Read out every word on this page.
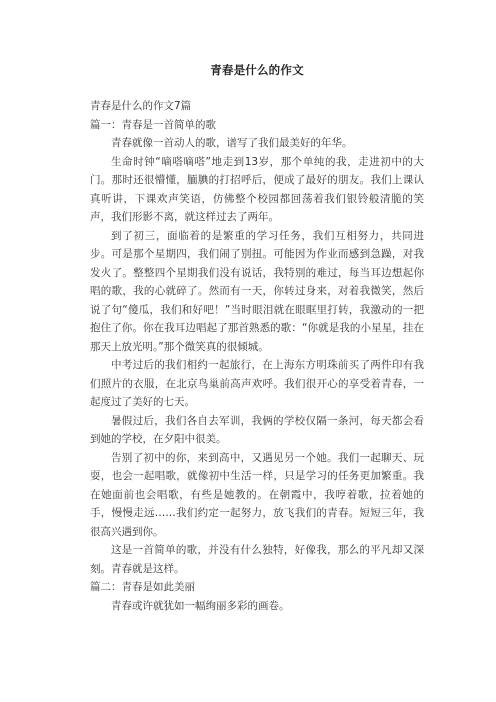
青春是什么的作文

青春是什么的作文7篇

篇一：青春是一首简单的歌

青春就像一首动人的歌，谱写了我们最美好的年华。

生命时钟“嘀嗒嘀嗒”地走到13岁，那个单纯的我，走进初中的大门。那时还很懵懂，腼腆的打招呼后，便成了最好的朋友。我们上课认真听讲，下课欢声笑语，仿佛整个校园都回荡着我们银铃般清脆的笑声，我们形影不离，就这样过去了两年。

到了初三，面临着的是繁重的学习任务，我们互相努力，共同进步。可是那个星期四，我们闹了别扭。可能因为作业而感到急躁，对我发火了。整整四个星期我们没有说话，我特别的难过，每当耳边想起你唱的歌，我的心就碎了。然而有一天，你转过身来，对着我微笑，然后说了句“傻瓜，我们和好吧！”当时眼泪就在眼眶里打转，我激动的一把抱住了你。你在我耳边唱起了那首熟悉的歌：“你就是我的小星星，挂在那天上放光明。”那个微笑真的很倾城。

中考过后的我们相约一起旅行，在上海东方明珠前买了两件印有我们照片的衣服，在北京鸟巢前高声欢呼。我们很开心的享受着青春，一起度过了美好的七天。

暑假过后，我们各自去军训，我俩的学校仅隔一条河，每天都会看到她的学校，在夕阳中很美。

告别了初中的你，来到高中，又遇见另一个她。我们一起聊天、玩耍，也会一起唱歌，就像初中生活一样，只是学习的任务更加繁重。我在她面前也会唱歌，有些是她教的。在朝霞中，我哼着歌，拉着她的手，慢慢走远……我们约定一起努力，放飞我们的青春。短短三年，我很高兴遇到你。

这是一首简单的歌，并没有什么独特，好像我，那么的平凡却又深刻。青春就是这样。

篇二：青春是如此美丽

青春或许就犹如一幅绚丽多彩的画卷。
